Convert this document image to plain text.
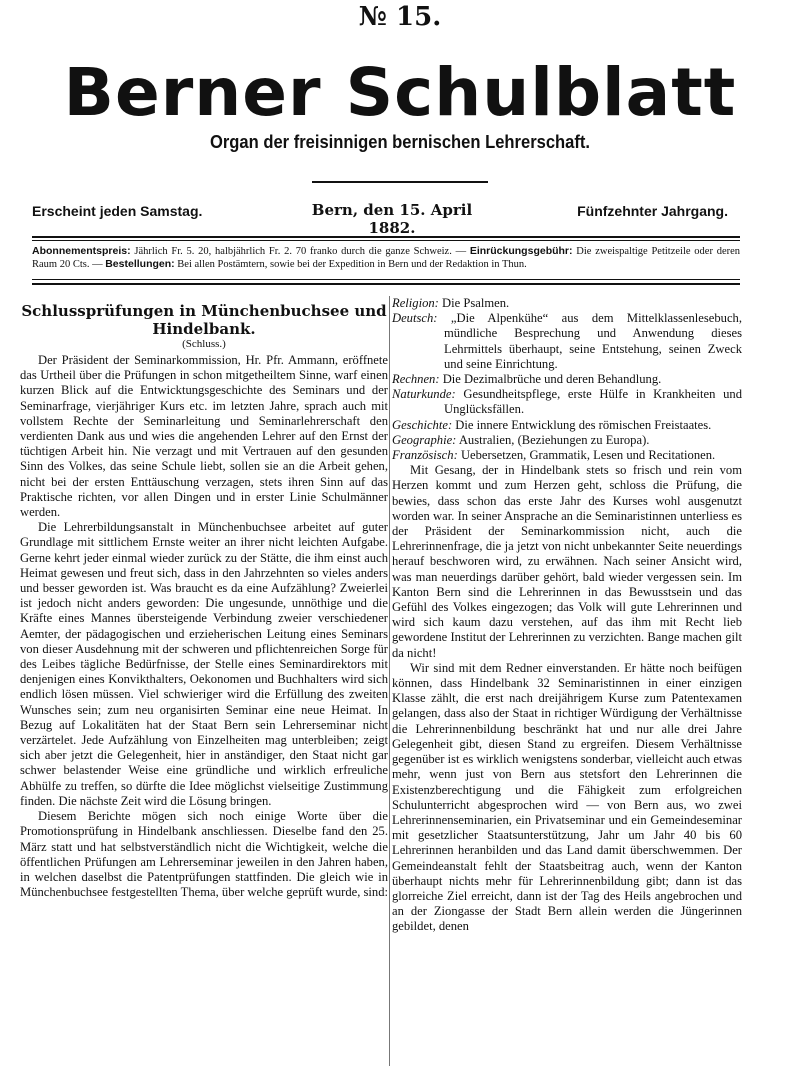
№ 15.
Berner Schulblatt
Organ der freisinnigen bernischen Lehrerschaft.
Erscheint jeden Samstag.	Bern, den 15. April 1882.
Fünfzehnter Jahrgang.
Abonnementspreis: Jährlich Fr. 5. 20, halbjährlich Fr. 2. 70 franko durch die ganze Schweiz. — Einrückungsgebühr: Die zweispaltige Petitzeile oder deren Raum 20 Cts. — Bestellungen: Bei allen Postämtern, sowie bei der Expedition in Bern und der Redaktion in Thun.
Schlussprüfungen in Münchenbuchsee und Hindelbank.
(Schluss.)

Der Präsident der Seminarkommission, Hr. Pfr. Ammann, eröffnete das Urtheil über die Prüfungen in schon mitgetheiltem Sinne, warf einen kurzen Blick auf die Entwicktungsgeschichte des Seminars und der Seminarfrage, vierjähriger Kurs etc. im letzten Jahre, sprach auch mit vollstem Rechte der Seminarleitung und Seminarlehrerschaft den verdienten Dank aus und wies die angehenden Lehrer auf den Ernst der tüchtigen Arbeit hin. Nie verzagt und mit Vertrauen auf den gesunden Sinn des Volkes, das seine Schule liebt, sollen sie an die Arbeit gehen, nicht bei der ersten Enttäuschung verzagen, stets ihren Sinn auf das Praktische richten, vor allen Dingen und in erster Linie Schulmänner werden.

Die Lehrerbildungsanstalt in Münchenbuchsee arbeitet auf guter Grundlage mit sittlichem Ernste weiter an ihrer nicht leichten Aufgabe. Gerne kehrt jeder einmal wieder zurück zu der Stätte, die ihm einst auch Heimat gewesen und freut sich, dass in den Jahrzehnten so vieles anders und besser geworden ist. Was braucht es da eine Aufzählung? Zweierlei ist jedoch nicht anders geworden: Die ungesunde, unnöthige und die Kräfte eines Mannes übersteigende Verbindung zweier verschiedener Aemter, der pädagogischen und erzieherischen Leitung eines Seminars von dieser Ausdehnung mit der schweren und pflichtenreichen Sorge für des Leibes tägliche Bedürfnisse, der Stelle eines Seminardirektors mit denjenigen eines Konvikthalters, Oekonomen und Buchhalters wird sich endlich lösen müssen. Viel schwieriger wird die Erfüllung des zweiten Wunsches sein; zum neu organisirten Seminar eine neue Heimat. In Bezug auf Lokalitäten hat der Staat Bern sein Lehrerseminar nicht verzärtelet. Jede Aufzählung von Einzelheiten mag unterbleiben; zeigt sich aber jetzt die Gelegenheit, hier in anständiger, den Staat nicht gar schwer belastender Weise eine gründliche und wirklich erfreuliche Abhülfe zu treffen, so dürfte die Idee möglichst vielseitige Zustimmung finden. Die nächste Zeit wird die Lösung bringen.

Diesem Berichte mögen sich noch einige Worte über die Promotionsprüfung in Hindelbank anschliessen. Dieselbe fand den 25. März statt und hat selbstverständlich nicht die Wichtigkeit, welche die öffentlichen Prüfungen am Lehrerseminar jeweilen in den Jahren haben, in welchen daselbst die Patentprüfungen stattfinden. Die gleich wie in Münchenbuchsee festgestellten Thema, über welche geprüft wurde, sind:

Religion: Die Psalmen.
Deutsch: „Die Alpenkühe“ aus dem Mittelklassenlesebuch, mündliche Besprechung und Anwendung dieses Lehrmittels überhaupt, seine Entstehung, seinen Zweck und seine Einrichtung.
Rechnen: Die Dezimalbrüche und deren Behandlung.
Naturkunde: Gesundheitspflege, erste Hülfe in Krankheiten und Unglücksfällen.
Geschichte: Die innere Entwicklung des römischen Freistaates.
Geographie: Australien, (Beziehungen zu Europa).
Französisch: Uebersetzen, Grammatik, Lesen und Recitationen.

Mit Gesang, der in Hindelbank stets so frisch und rein vom Herzen kommt und zum Herzen geht, schloss die Prüfung, die bewies, dass schon das erste Jahr des Kurses wohl ausgenutzt worden war. In seiner Ansprache an die Seminaristinnen unterliess es der Präsident der Seminarkommission nicht, auch die Lehrerinnenfrage, die ja jetzt von nicht unbekannter Seite neuerdings herauf beschworen wird, zu erwähnen. Nach seiner Ansicht wird, was man neuerdings darüber gehört, bald wieder vergessen sein. Im Kanton Bern sind die Lehrerinnen in das Bewusstsein und das Gefühl des Volkes eingezogen; das Volk will gute Lehrerinnen und wird sich kaum dazu verstehen, auf das ihm mit Recht lieb gewordene Institut der Lehrerinnen zu verzichten. Bange machen gilt da nicht!

Wir sind mit dem Redner einverstanden. Er hätte noch beifügen können, dass Hindelbank 32 Seminaristinnen in einer einzigen Klasse zählt, die erst nach dreijährigem Kurse zum Patentexamen gelangen, dass also der Staat in richtiger Würdigung der Verhältnisse die Lehrerinnenbildung beschränkt hat und nur alle drei Jahre Gelegenheit gibt, diesen Stand zu ergreifen. Diesem Verhältnisse gegenüber ist es wirklich wenigstens sonderbar, vielleicht auch etwas mehr, wenn just von Bern aus stetsfort den Lehrerinnen die Existenzberechtigung und die Fähigkeit zum erfolgreichen Schulunterricht abgesprochen wird — von Bern aus, wo zwei Lehrerinnenseminarien, ein Privatseminar und ein Gemeindeseminar mit gesetzlicher Staatsunterstützung, Jahr um Jahr 40 bis 60 Lehrerinnen heranbilden und das Land damit überschwemmen. Der Gemeindeanstalt fehlt der Staatsbeitrag auch, wenn der Kanton überhaupt nichts mehr für Lehrerinnenbildung gibt; dann ist das glorreiche Ziel erreicht, dann ist der Tag des Heils angebrochen und an der Ziongasse der Stadt Bern allein werden die Jüngerinnen gebildet, denen
